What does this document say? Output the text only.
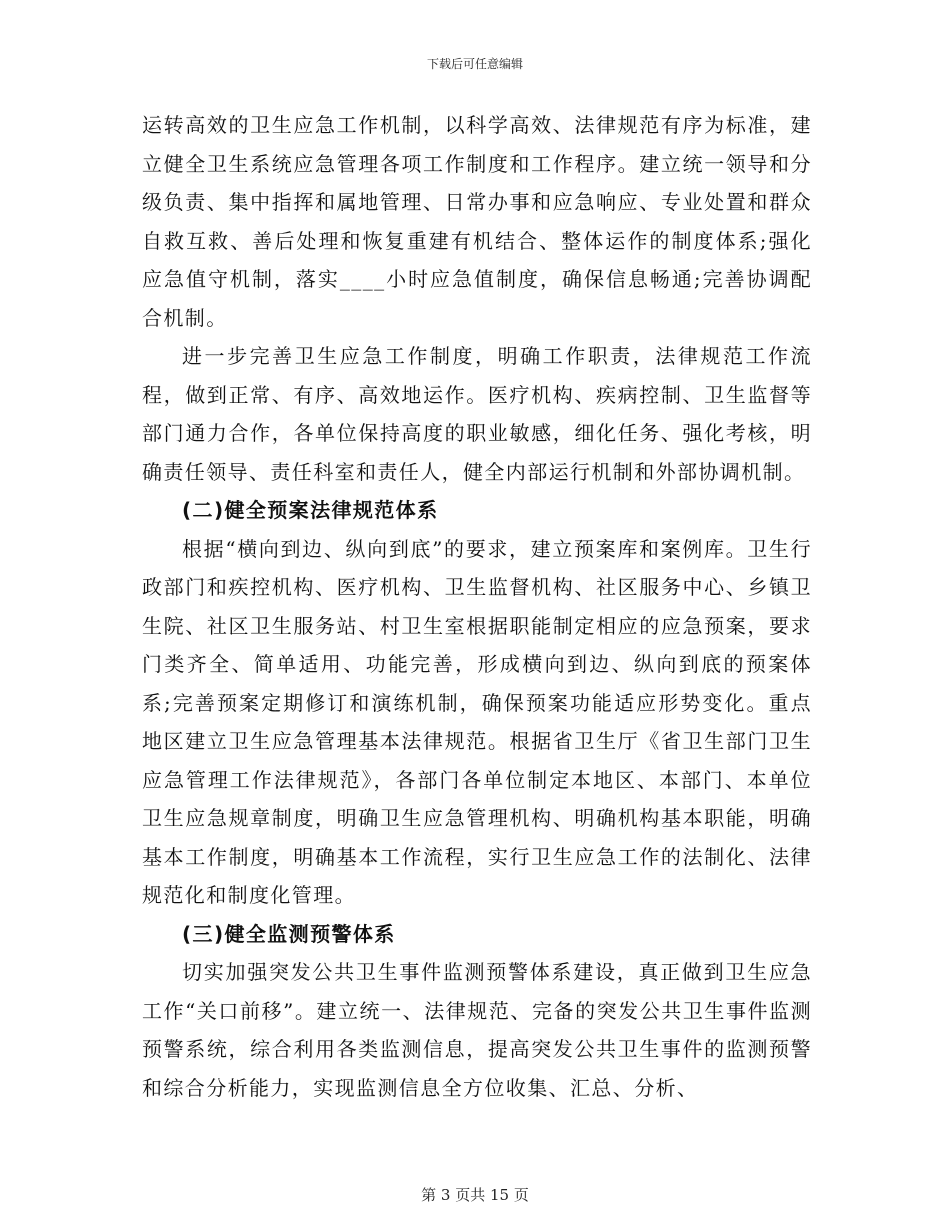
下载后可任意编辑

运转高效的卫生应急工作机制，以科学高效、法律规范有序为标准，建立健全卫生系统应急管理各项工作制度和工作程序。建立统一领导和分级负责、集中指挥和属地管理、日常办事和应急响应、专业处置和群众自救互救、善后处理和恢复重建有机结合、整体运作的制度体系;强化应急值守机制，落实____小时应急值制度，确保信息畅通;完善协调配合机制。

进一步完善卫生应急工作制度，明确工作职责，法律规范工作流程，做到正常、有序、高效地运作。医疗机构、疾病控制、卫生监督等部门通力合作，各单位保持高度的职业敏感，细化任务、强化考核，明确责任领导、责任科室和责任人，健全内部运行机制和外部协调机制。

(二)健全预案法律规范体系

根据“横向到边、纵向到底”的要求，建立预案库和案例库。卫生行政部门和疾控机构、医疗机构、卫生监督机构、社区服务中心、乡镇卫生院、社区卫生服务站、村卫生室根据职能制定相应的应急预案，要求门类齐全、简单适用、功能完善，形成横向到边、纵向到底的预案体系;完善预案定期修订和演练机制，确保预案功能适应形势变化。重点地区建立卫生应急管理基本法律规范。根据省卫生厅《省卫生部门卫生应急管理工作法律规范》，各部门各单位制定本地区、本部门、本单位卫生应急规章制度，明确卫生应急管理机构、明确机构基本职能，明确基本工作制度，明确基本工作流程，实行卫生应急工作的法制化、法律规范化和制度化管理。

(三)健全监测预警体系

切实加强突发公共卫生事件监测预警体系建设，真正做到卫生应急工作“关口前移”。建立统一、法律规范、完备的突发公共卫生事件监测预警系统，综合利用各类监测信息，提高突发公共卫生事件的监测预警和综合分析能力，实现监测信息全方位收集、汇总、分析、

第 3 页共 15 页
